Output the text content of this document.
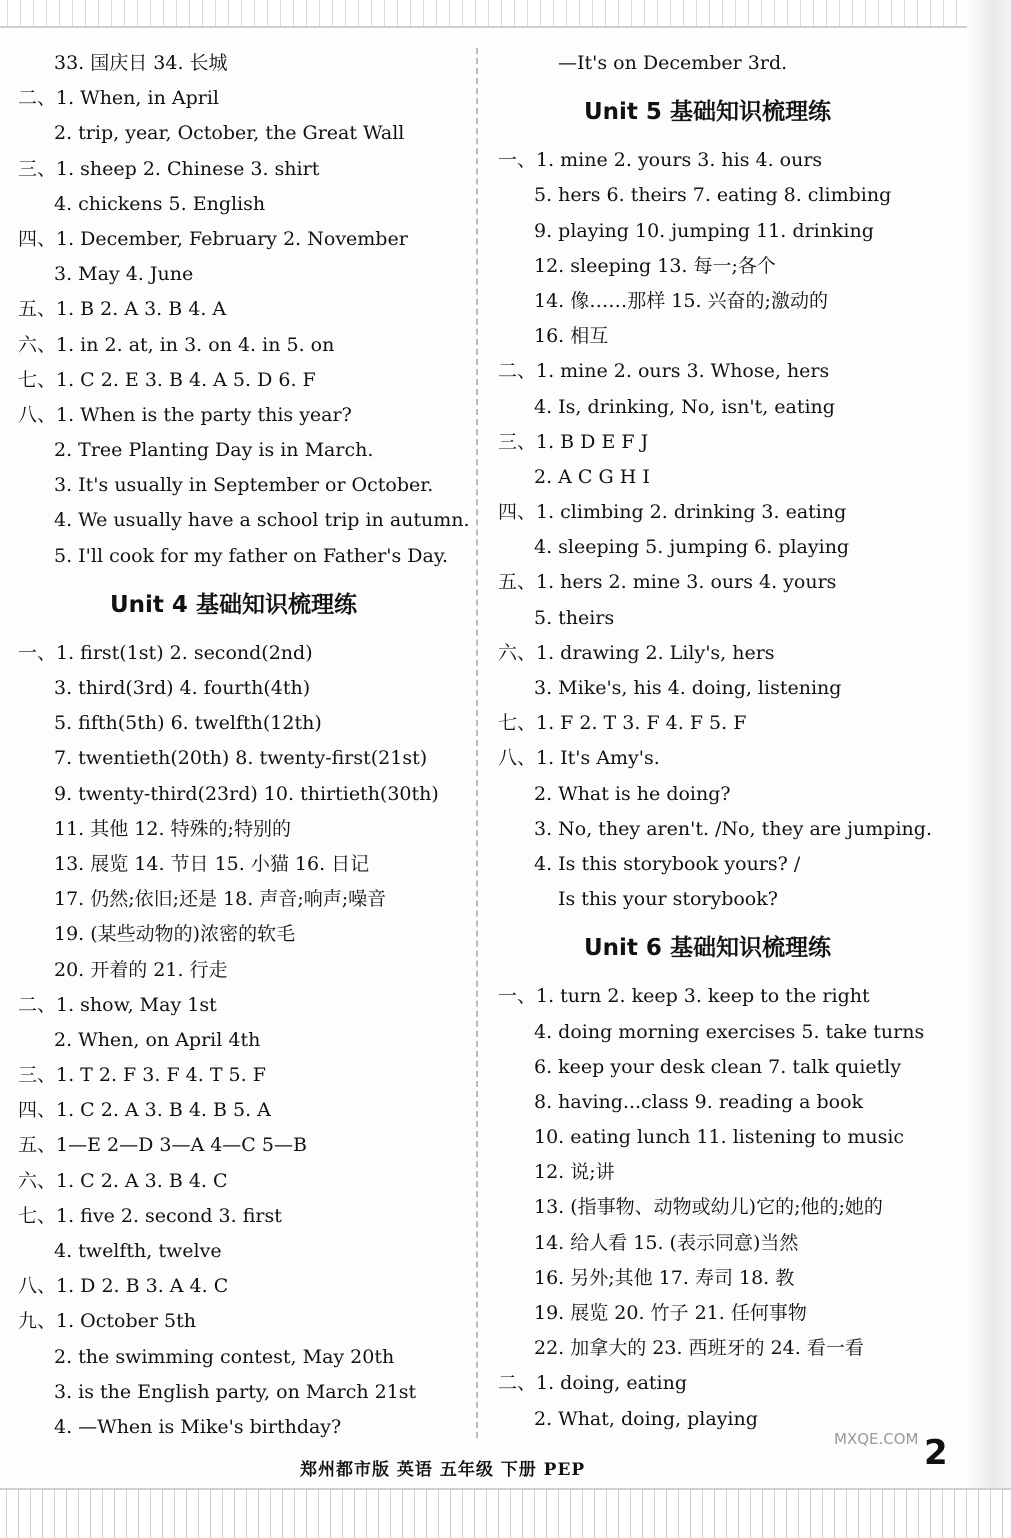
33. 国庆日 34. 长城
二、1. When, in April
2. trip, year, October, the Great Wall
三、1. sheep 2. Chinese 3. shirt
4. chickens 5. English
四、1. December, February 2. November
3. May 4. June
五、1. B 2. A 3. B 4. A
六、1. in 2. at, in 3. on 4. in 5. on
七、1. C 2. E 3. B 4. A 5. D 6. F
八、1. When is the party this year?
2. Tree Planting Day is in March.
3. It's usually in September or October.
4. We usually have a school trip in autumn.
5. I'll cook for my father on Father's Day.
Unit 4 基础知识梳理练
一、1. first(1st) 2. second(2nd)
3. third(3rd) 4. fourth(4th)
5. fifth(5th) 6. twelfth(12th)
7. twentieth(20th) 8. twenty-first(21st)
9. twenty-third(23rd) 10. thirtieth(30th)
11. 其他 12. 特殊的;特别的
13. 展览 14. 节日 15. 小猫 16. 日记
17. 仍然;依旧;还是 18. 声音;响声;噪音
19. (某些动物的)浓密的软毛
20. 开着的 21. 行走
二、1. show, May 1st
2. When, on April 4th
三、1. T 2. F 3. F 4. T 5. F
四、1. C 2. A 3. B 4. B 5. A
五、1—E 2—D 3—A 4—C 5—B
六、1. C 2. A 3. B 4. C
七、1. five 2. second 3. first
4. twelfth, twelve
八、1. D 2. B 3. A 4. C
九、1. October 5th
2. the swimming contest, May 20th
3. is the English party, on March 21st
4. —When is Mike's birthday?
—It's on December 3rd.
Unit 5 基础知识梳理练
一、1. mine 2. yours 3. his 4. ours
5. hers 6. theirs 7. eating 8. climbing
9. playing 10. jumping 11. drinking
12. sleeping 13. 每一;各个
14. 像……那样 15. 兴奋的;激动的
16. 相互
二、1. mine 2. ours 3. Whose, hers
4. Is, drinking, No, isn't, eating
三、1. B D E F J
2. A C G H I
四、1. climbing 2. drinking 3. eating
4. sleeping 5. jumping 6. playing
五、1. hers 2. mine 3. ours 4. yours
5. theirs
六、1. drawing 2. Lily's, hers
3. Mike's, his 4. doing, listening
七、1. F 2. T 3. F 4. F 5. F
八、1. It's Amy's.
2. What is he doing?
3. No, they aren't. /No, they are jumping.
4. Is this storybook yours? /
Is this your storybook?
Unit 6 基础知识梳理练
一、1. turn 2. keep 3. keep to the right
4. doing morning exercises 5. take turns
6. keep your desk clean 7. talk quietly
8. having...class 9. reading a book
10. eating lunch 11. listening to music
12. 说;讲
13. (指事物、动物或幼儿)它的;他的;她的
14. 给人看 15. (表示同意)当然
16. 另外;其他 17. 寿司 18. 教
19. 展览 20. 竹子 21. 任何事物
22. 加拿大的 23. 西班牙的 24. 看一看
二、1. doing, eating
2. What, doing, playing
郑州都市版 英语 五年级 下册 PEP
MXQE.COM 2
